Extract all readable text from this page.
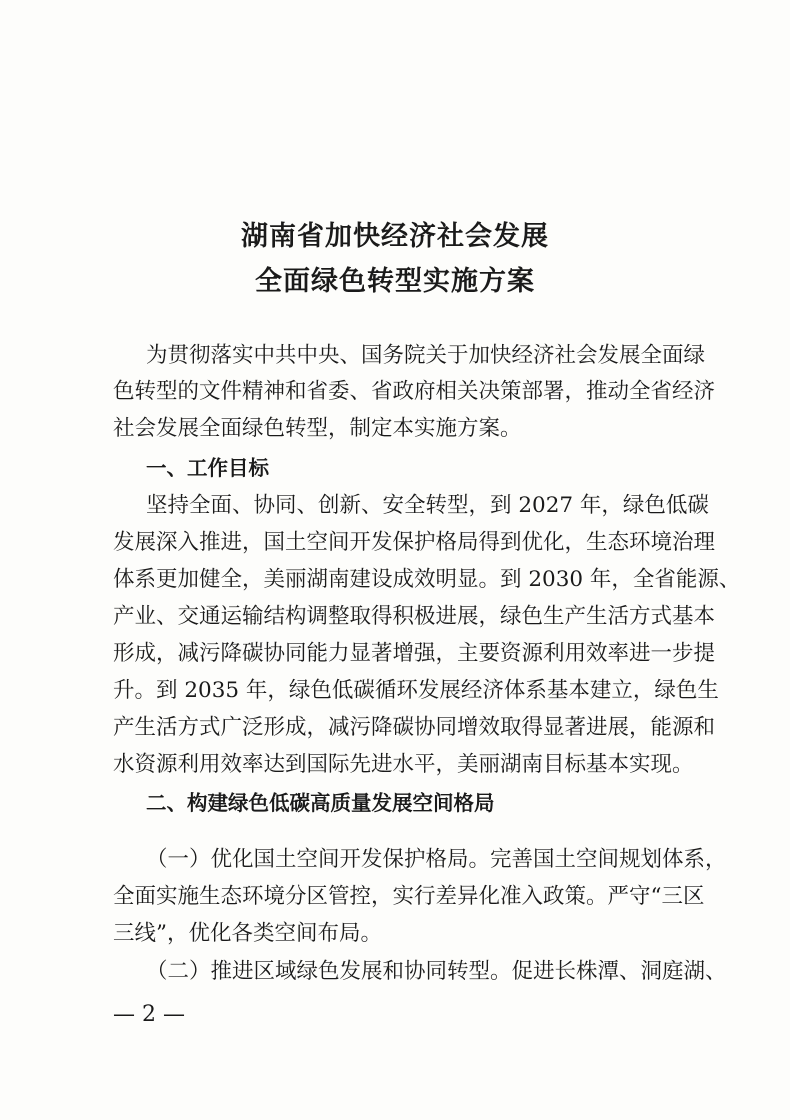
湖南省加快经济社会发展
全面绿色转型实施方案
为贯彻落实中共中央、国务院关于加快经济社会发展全面绿
色转型的文件精神和省委、省政府相关决策部署，推动全省经济
社会发展全面绿色转型，制定本实施方案。
一、工作目标
坚持全面、协同、创新、安全转型，到 2027 年，绿色低碳
发展深入推进，国土空间开发保护格局得到优化，生态环境治理
体系更加健全，美丽湖南建设成效明显。到 2030 年，全省能源、
产业、交通运输结构调整取得积极进展，绿色生产生活方式基本
形成，减污降碳协同能力显著增强，主要资源利用效率进一步提
升。到 2035 年，绿色低碳循环发展经济体系基本建立，绿色生
产生活方式广泛形成，减污降碳协同增效取得显著进展，能源和
水资源利用效率达到国际先进水平，美丽湖南目标基本实现。
二、构建绿色低碳高质量发展空间格局
（一）优化国土空间开发保护格局。完善国土空间规划体系，
全面实施生态环境分区管控，实行差异化准入政策。严守“三区
三线”，优化各类空间布局。
（二）推进区域绿色发展和协同转型。促进长株潭、洞庭湖、
— 2 —
